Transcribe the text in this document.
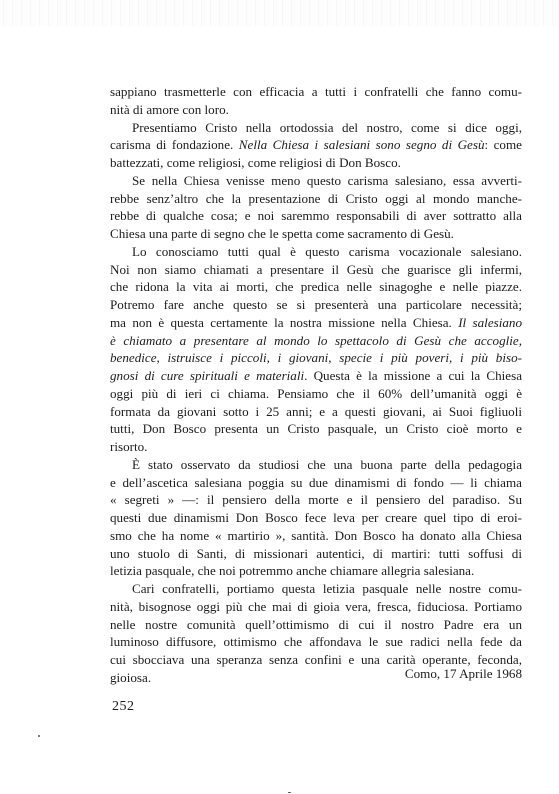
sappiano trasmetterle con efficacia a tutti i confratelli che fanno comu-
nità di amore con loro.

Presentiamo Cristo nella ortodossia del nostro, come si dice oggi,
carisma di fondazione. Nella Chiesa i salesiani sono segno di Gesù: come
battezzati, come religiosi, come religiosi di Don Bosco.

Se nella Chiesa venisse meno questo carisma salesiano, essa avverti-
rebbe senz’altro che la presentazione di Cristo oggi al mondo manche-
rebbe di qualche cosa; e noi saremmo responsabili di aver sottratto alla
Chiesa una parte di segno che le spetta come sacramento di Gesù.

Lo conosciamo tutti qual è questo carisma vocazionale salesiano.
Noi non siamo chiamati a presentare il Gesù che guarisce gli infermi,
che ridona la vita ai morti, che predica nelle sinagoghe e nelle piazze.
Potremo fare anche questo se si presenterà una particolare necessità;
ma non è questa certamente la nostra missione nella Chiesa. Il salesiano
è chiamato a presentare al mondo lo spettacolo di Gesù che accoglie,
benedice, istruisce i piccoli, i giovani, specie i più poveri, i più biso-
gnosi di cure spirituali e materiali. Questa è la missione a cui la Chiesa
oggi più di ieri ci chiama. Pensiamo che il 60% dell’umanità oggi è
formata da giovani sotto i 25 anni; e a questi giovani, ai Suoi figliuoli
tutti, Don Bosco presenta un Cristo pasquale, un Cristo cioè morto e
risorto.

È stato osservato da studiosi che una buona parte della pedagogia
e dell’ascetica salesiana poggia su due dinamismi di fondo — li chiama
« segreti » —: il pensiero della morte e il pensiero del paradiso. Su
questi due dinamismi Don Bosco fece leva per creare quel tipo di eroi-
smo che ha nome « martirio », santità. Don Bosco ha donato alla Chiesa
uno stuolo di Santi, di missionari autentici, di martiri: tutti soffusi di
letizia pasquale, che noi potremmo anche chiamare allegria salesiana.

Cari confratelli, portiamo questa letizia pasquale nelle nostre comu-
nità, bisognose oggi più che mai di gioia vera, fresca, fiduciosa. Portiamo
nelle nostre comunità quell’ottimismo di cui il nostro Padre era un
luminoso diffusore, ottimismo che affondava le sue radici nella fede da
cui sbocciava una speranza senza confini e una carità operante, feconda,
gioiosa.	Como, 17 Aprile 1968
252
